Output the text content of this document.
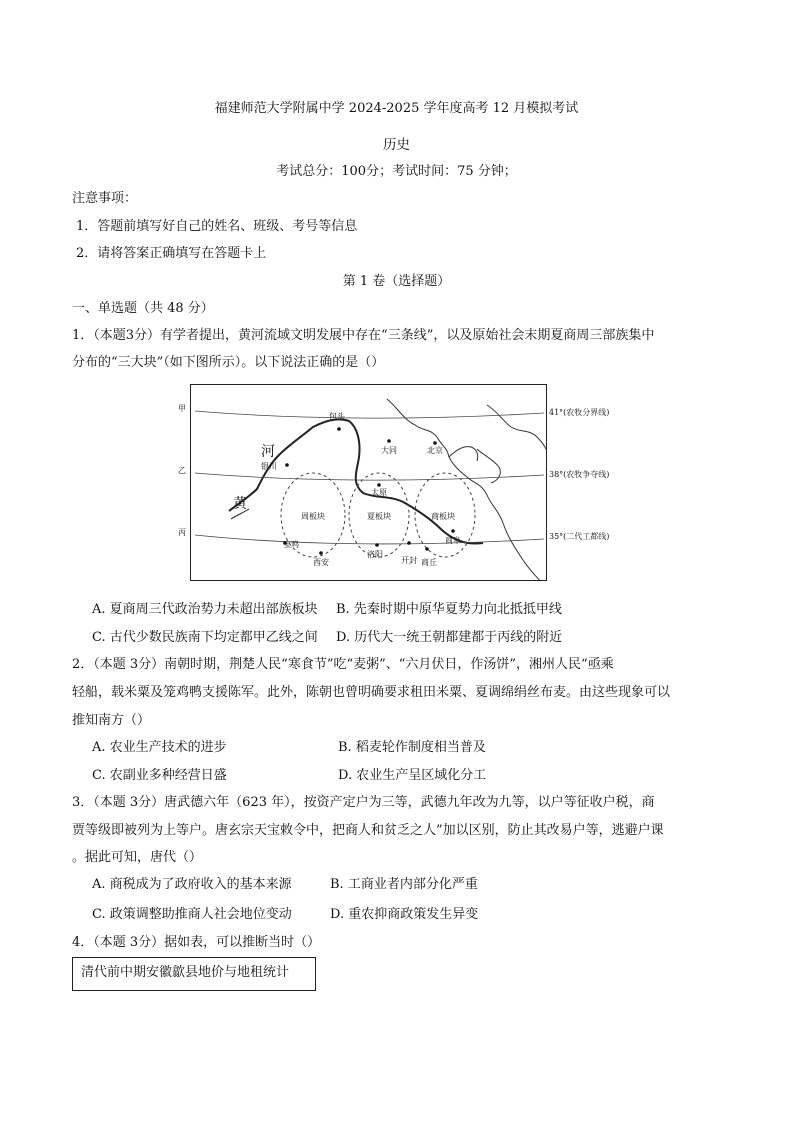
福建师范大学附属中学 2024-2025 学年度高考 12 月模拟考试
历史
考试总分：100分；考试时间：75 分钟；
注意事项：
1．答题前填写好自己的姓名、班级、考号等信息
2．请将答案正确填写在答题卡上
第 1 卷（选择题）
一、单选题（共 48 分）
1．（本题3分）有学者提出，黄河流域文明发展中存在“三条线”，以及原始社会末期夏商周三部族集中
分布的“三大块”（如下图所示）。以下说法正确的是（）
包头
大同	北京
银川
河
黄
太原
周板块	夏板块	商板块
商阜
宝鸡
西安
洛阳
开封 商丘
甲
乙
丙
41°(农牧分界线)
38°(农牧争夺线)
35°(二代工都线)
A. 夏商周三代政治势力未超出部族板块 B. 先秦时期中原华夏势力向北抵抵甲线
C. 古代少数民族南下均定都甲乙线之间 D. 历代大一统王朝都建都于丙线的附近
2．（本题 3分）南朝时期，荆楚人民“寒食节”吃“麦粥”、“六月伏日，作汤饼”，湘州人民“亟乘
轻船，载米粟及笼鸡鸭支援陈军。此外，陈朝也曾明确要求租田米粟、夏调绵绢丝布麦。由这些现象可以
推知南方（）
A. 农业生产技术的进步	B. 稻麦轮作制度相当普及
C. 农副业多种经营日盛	D. 农业生产呈区域化分工
3．（本题 3分）唐武德六年（623 年），按资产定户为三等，武德九年改为九等，以户等征收户税，商
贾等级即被列为上等户。唐玄宗天宝敕令中，把商人和贫乏之人”加以区别，防止其改易户等，逃避户课
。据此可知，唐代（）
A. 商税成为了政府收入的基本来源	B. 工商业者内部分化严重
C. 政策调整助推商人社会地位变动	D. 重农抑商政策发生异变
4．（本题 3分）据如表，可以推断当时（）
清代前中期安徽歙县地价与地租统计
